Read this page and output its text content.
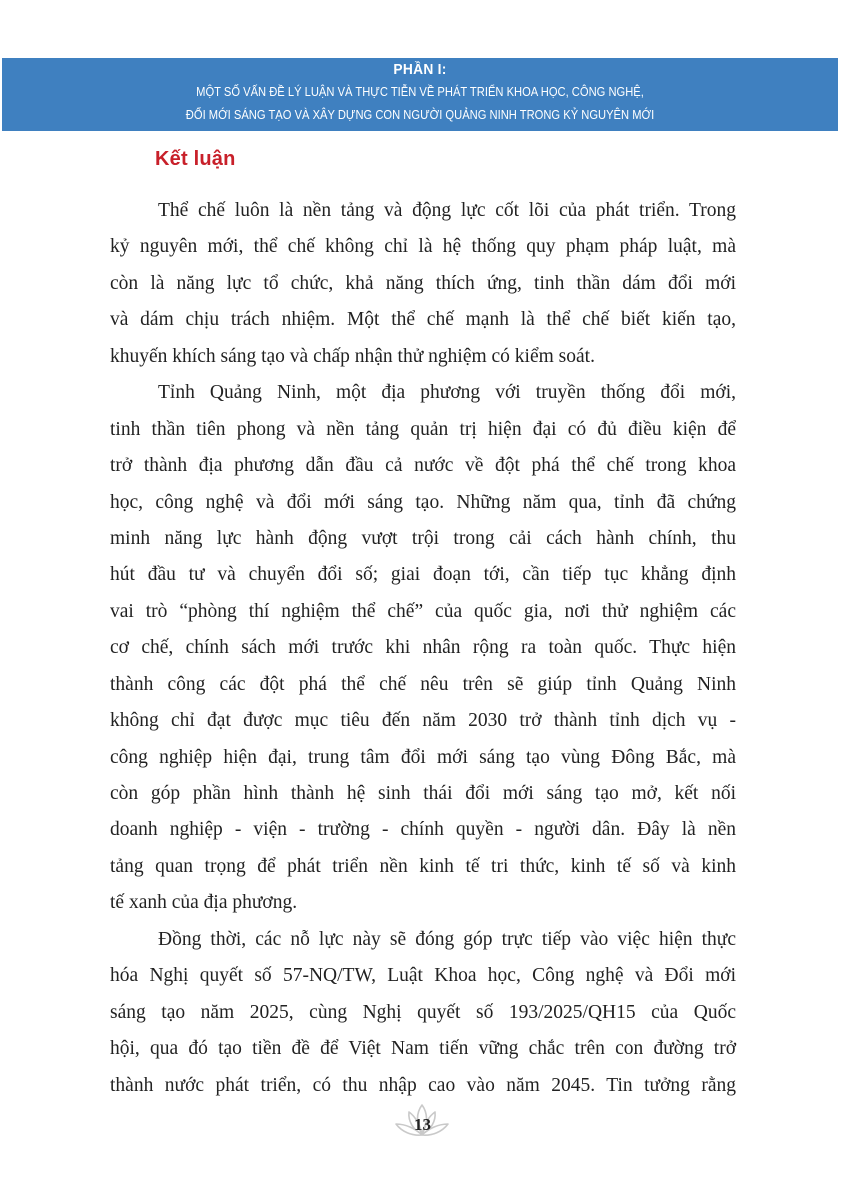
PHẦN I:
MỘT SỐ VẤN ĐỀ LÝ LUẬN VÀ THỰC TIỄN VỀ PHÁT TRIỂN KHOA HỌC, CÔNG NGHỆ,
ĐỔI MỚI SÁNG TẠO VÀ XÂY DỰNG CON NGƯỜI QUẢNG NINH TRONG KỶ NGUYÊN MỚI
Kết luận
Thể chế luôn là nền tảng và động lực cốt lõi của phát triển. Trong
kỷ nguyên mới, thể chế không chỉ là hệ thống quy phạm pháp luật, mà
còn là năng lực tổ chức, khả năng thích ứng, tinh thần dám đổi mới
và dám chịu trách nhiệm. Một thể chế mạnh là thể chế biết kiến tạo,
khuyến khích sáng tạo và chấp nhận thử nghiệm có kiểm soát.
Tỉnh Quảng Ninh, một địa phương với truyền thống đổi mới,
tinh thần tiên phong và nền tảng quản trị hiện đại có đủ điều kiện để
trở thành địa phương dẫn đầu cả nước về đột phá thể chế trong khoa
học, công nghệ và đổi mới sáng tạo. Những năm qua, tỉnh đã chứng
minh năng lực hành động vượt trội trong cải cách hành chính, thu
hút đầu tư và chuyển đổi số; giai đoạn tới, cần tiếp tục khẳng định
vai trò “phòng thí nghiệm thể chế” của quốc gia, nơi thử nghiệm các
cơ chế, chính sách mới trước khi nhân rộng ra toàn quốc. Thực hiện
thành công các đột phá thể chế nêu trên sẽ giúp tỉnh Quảng Ninh
không chỉ đạt được mục tiêu đến năm 2030 trở thành tỉnh dịch vụ -
công nghiệp hiện đại, trung tâm đổi mới sáng tạo vùng Đông Bắc, mà
còn góp phần hình thành hệ sinh thái đổi mới sáng tạo mở, kết nối
doanh nghiệp - viện - trường - chính quyền - người dân. Đây là nền
tảng quan trọng để phát triển nền kinh tế tri thức, kinh tế số và kinh
tế xanh của địa phương.
Đồng thời, các nỗ lực này sẽ đóng góp trực tiếp vào việc hiện thực
hóa Nghị quyết số 57-NQ/TW, Luật Khoa học, Công nghệ và Đổi mới
sáng tạo năm 2025, cùng Nghị quyết số 193/2025/QH15 của Quốc
hội, qua đó tạo tiền đề để Việt Nam tiến vững chắc trên con đường trở
thành nước phát triển, có thu nhập cao vào năm 2045. Tin tưởng rằng
13
